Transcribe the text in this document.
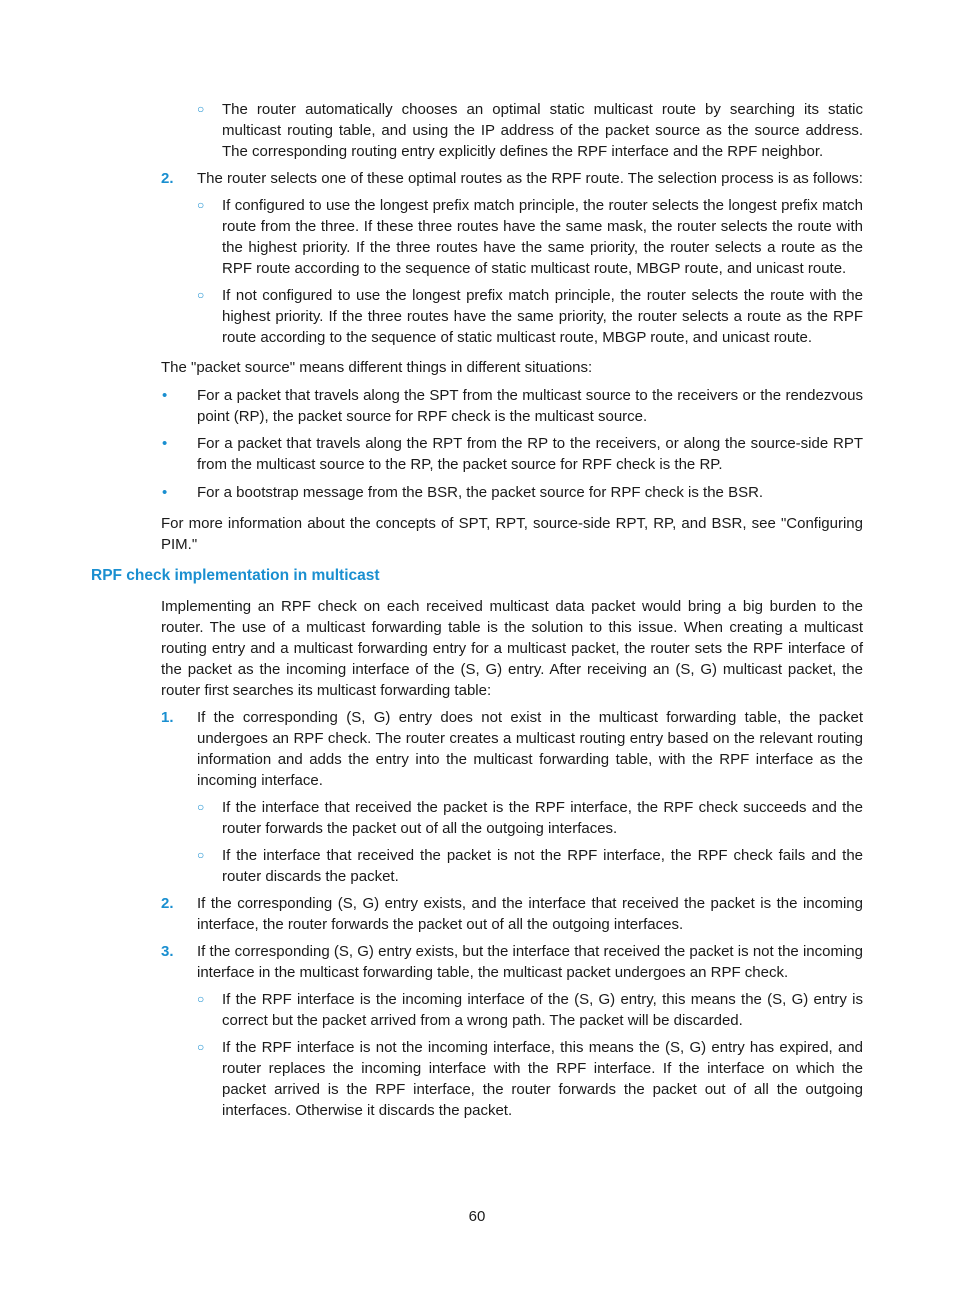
○ The router automatically chooses an optimal static multicast route by searching its static multicast routing table, and using the IP address of the packet source as the source address. The corresponding routing entry explicitly defines the RPF interface and the RPF neighbor.
2. The router selects one of these optimal routes as the RPF route. The selection process is as follows:
○ If configured to use the longest prefix match principle, the router selects the longest prefix match route from the three. If these three routes have the same mask, the router selects the route with the highest priority. If the three routes have the same priority, the router selects a route as the RPF route according to the sequence of static multicast route, MBGP route, and unicast route.
○ If not configured to use the longest prefix match principle, the router selects the route with the highest priority. If the three routes have the same priority, the router selects a route as the RPF route according to the sequence of static multicast route, MBGP route, and unicast route.
The "packet source" means different things in different situations:
• For a packet that travels along the SPT from the multicast source to the receivers or the rendezvous point (RP), the packet source for RPF check is the multicast source.
• For a packet that travels along the RPT from the RP to the receivers, or along the source-side RPT from the multicast source to the RP, the packet source for RPF check is the RP.
• For a bootstrap message from the BSR, the packet source for RPF check is the BSR.
For more information about the concepts of SPT, RPT, source-side RPT, RP, and BSR, see "Configuring PIM."
RPF check implementation in multicast
Implementing an RPF check on each received multicast data packet would bring a big burden to the router. The use of a multicast forwarding table is the solution to this issue. When creating a multicast routing entry and a multicast forwarding entry for a multicast packet, the router sets the RPF interface of the packet as the incoming interface of the (S, G) entry. After receiving an (S, G) multicast packet, the router first searches its multicast forwarding table:
1. If the corresponding (S, G) entry does not exist in the multicast forwarding table, the packet undergoes an RPF check. The router creates a multicast routing entry based on the relevant routing information and adds the entry into the multicast forwarding table, with the RPF interface as the incoming interface.
○ If the interface that received the packet is the RPF interface, the RPF check succeeds and the router forwards the packet out of all the outgoing interfaces.
○ If the interface that received the packet is not the RPF interface, the RPF check fails and the router discards the packet.
2. If the corresponding (S, G) entry exists, and the interface that received the packet is the incoming interface, the router forwards the packet out of all the outgoing interfaces.
3. If the corresponding (S, G) entry exists, but the interface that received the packet is not the incoming interface in the multicast forwarding table, the multicast packet undergoes an RPF check.
○ If the RPF interface is the incoming interface of the (S, G) entry, this means the (S, G) entry is correct but the packet arrived from a wrong path. The packet will be discarded.
○ If the RPF interface is not the incoming interface, this means the (S, G) entry has expired, and router replaces the incoming interface with the RPF interface. If the interface on which the packet arrived is the RPF interface, the router forwards the packet out of all the outgoing interfaces. Otherwise it discards the packet.
60
